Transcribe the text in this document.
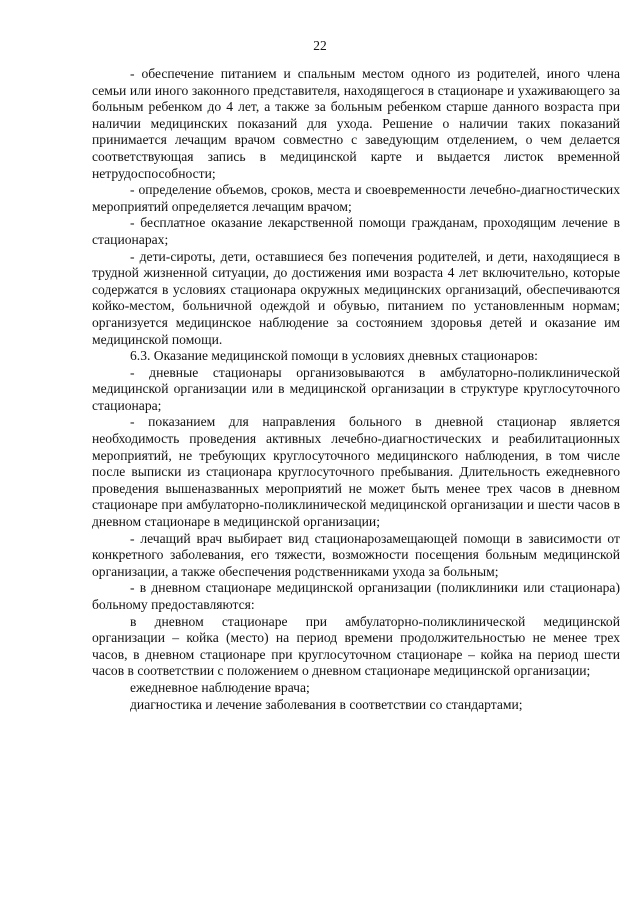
22

- обеспечение питанием и спальным местом одного из родителей, иного члена семьи или иного законного представителя, находящегося в стационаре и ухаживающего за больным ребенком до 4 лет, а также за больным ребенком старше данного возраста при наличии медицинских показаний для ухода. Решение о наличии таких показаний принимается лечащим врачом совместно с заведующим отделением, о чем делается соответствующая запись в медицинской карте и выдается листок временной нетрудоспособности;

- определение объемов, сроков, места и своевременности лечебно-диагностических мероприятий определяется лечащим врачом;

- бесплатное оказание лекарственной помощи гражданам, проходящим лечение в стационарах;

- дети-сироты, дети, оставшиеся без попечения родителей, и дети, находящиеся в трудной жизненной ситуации, до достижения ими возраста 4 лет включительно, которые содержатся в условиях стационара окружных медицинских организаций, обеспечиваются койко-местом, больничной одеждой и обувью, питанием по установленным нормам; организуется медицинское наблюдение за состоянием здоровья детей и оказание им медицинской помощи.

6.3. Оказание медицинской помощи в условиях дневных стационаров:

- дневные стационары организовываются в амбулаторно-поликлинической медицинской организации или в медицинской организации в структуре круглосуточного стационара;

- показанием для направления больного в дневной стационар является необходимость проведения активных лечебно-диагностических и реабилитационных мероприятий, не требующих круглосуточного медицинского наблюдения, в том числе после выписки из стационара круглосуточного пребывания. Длительность ежедневного проведения вышеназванных мероприятий не может быть менее трех часов в дневном стационаре при амбулаторно-поликлинической медицинской организации и шести часов в дневном стационаре в медицинской организации;

- лечащий врач выбирает вид стационарозамещающей помощи в зависимости от конкретного заболевания, его тяжести, возможности посещения больным медицинской организации, а также обеспечения родственниками ухода за больным;

- в дневном стационаре медицинской организации (поликлиники или стационара) больному предоставляются:

в дневном стационаре при амбулаторно-поликлинической медицинской организации – койка (место) на период времени продолжительностью не менее трех часов, в дневном стационаре при круглосуточном стационаре – койка на период шести часов в соответствии с положением о дневном стационаре медицинской организации;

ежедневное наблюдение врача;

диагностика и лечение заболевания в соответствии со стандартами;
